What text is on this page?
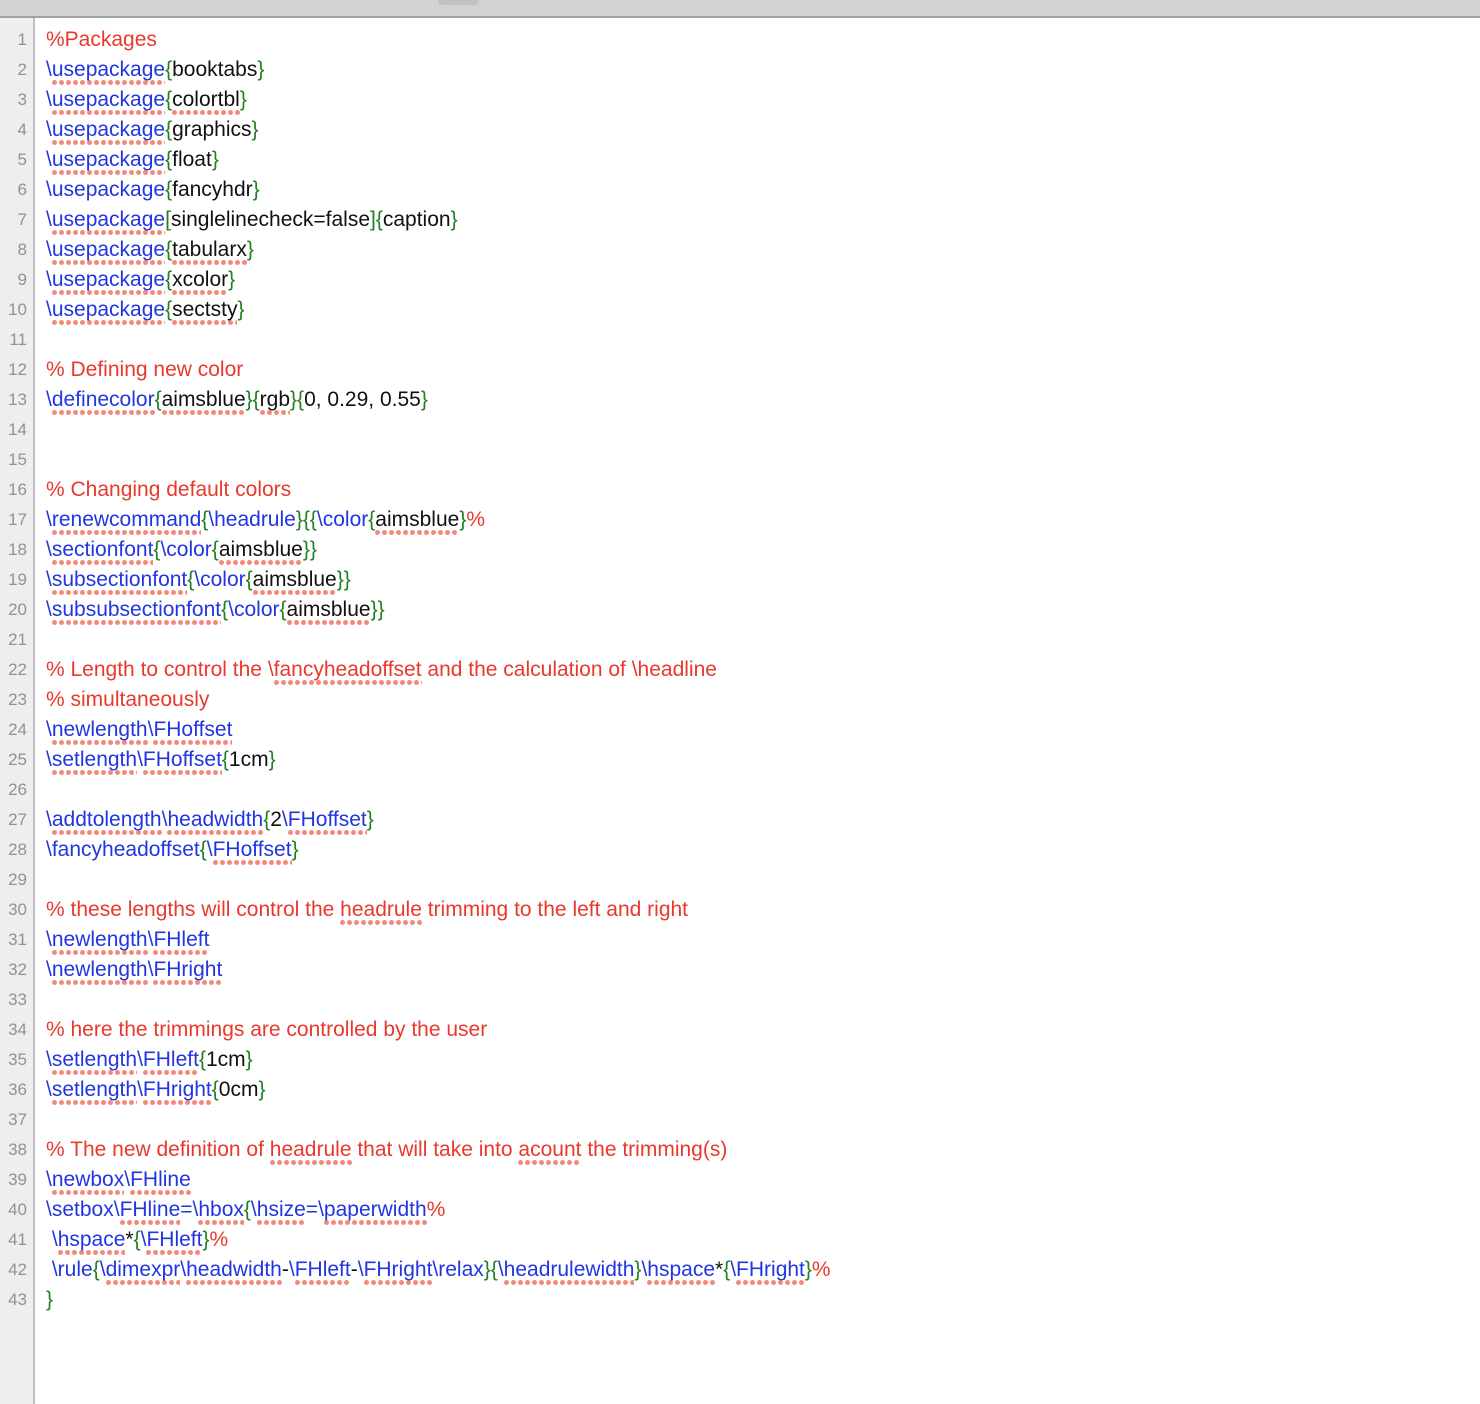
1
2
3
4
5
6
7
8
9
10
11
12
13
14
15
16
17
18
19
20
21
22
23
24
25
26
27
28
29
30
31
32
33
34
35
36
37
38
39
40
41
42
43
%Packages
\usepackage{booktabs}
\usepackage{colortbl}
\usepackage{graphics}
\usepackage{float}
\usepackage{fancyhdr}
\usepackage[singlelinecheck=false]{caption}
\usepackage{tabularx}
\usepackage{xcolor}
\usepackage{sectsty}
% Defining new color
\definecolor{aimsblue}{rgb}{0, 0.29, 0.55}
% Changing default colors
\renewcommand{\headrule}{{\color{aimsblue}%
\sectionfont{\color{aimsblue}}
\subsectionfont{\color{aimsblue}}
\subsubsectionfont{\color{aimsblue}}
% Length to control the \fancyheadoffset and the calculation of \headline
% simultaneously
\newlength\FHoffset
\setlength\FHoffset{1cm}
\addtolength\headwidth{2\FHoffset}
\fancyheadoffset{\FHoffset}
% these lengths will control the headrule trimming to the left and right
\newlength\FHleft
\newlength\FHright
% here the trimmings are controlled by the user
\setlength\FHleft{1cm}
\setlength\FHright{0cm}
% The new definition of headrule that will take into acount the trimming(s)
\newbox\FHline
\setbox\FHline=\hbox{\hsize=\paperwidth%
\hspace*{\FHleft}%
\rule{\dimexpr\headwidth-\FHleft-\FHright\relax}{\headrulewidth}\hspace*{\FHright}%
}
